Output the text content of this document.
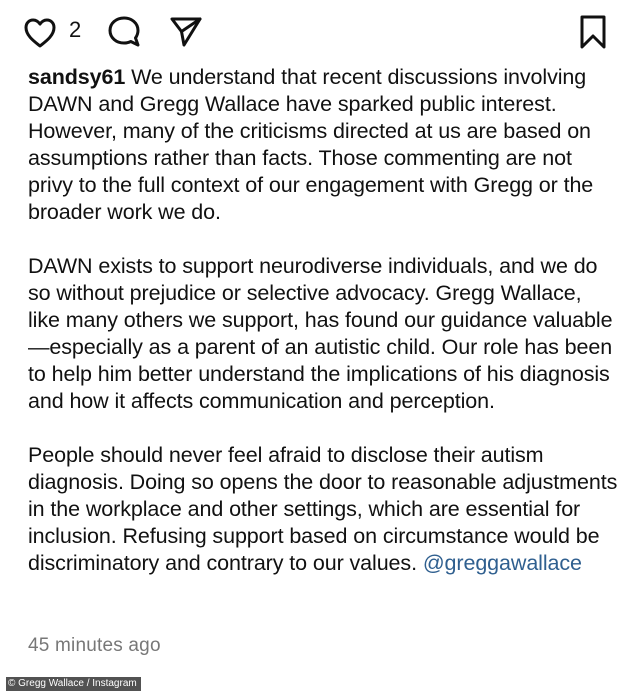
2

sandsy61 We understand that recent discussions involving DAWN and Gregg Wallace have sparked public interest. However, many of the criticisms directed at us are based on assumptions rather than facts. Those commenting are not privy to the full context of our engagement with Gregg or the broader work we do.

DAWN exists to support neurodiverse individuals, and we do so without prejudice or selective advocacy. Gregg Wallace, like many others we support, has found our guidance valuable—especially as a parent of an autistic child. Our role has been to help him better understand the implications of his diagnosis and how it affects communication and perception.

People should never feel afraid to disclose their autism diagnosis. Doing so opens the door to reasonable adjustments in the workplace and other settings, which are essential for inclusion. Refusing support based on circumstance would be discriminatory and contrary to our values. @greggawallace

45 minutes ago
© Gregg Wallace / Instagram
